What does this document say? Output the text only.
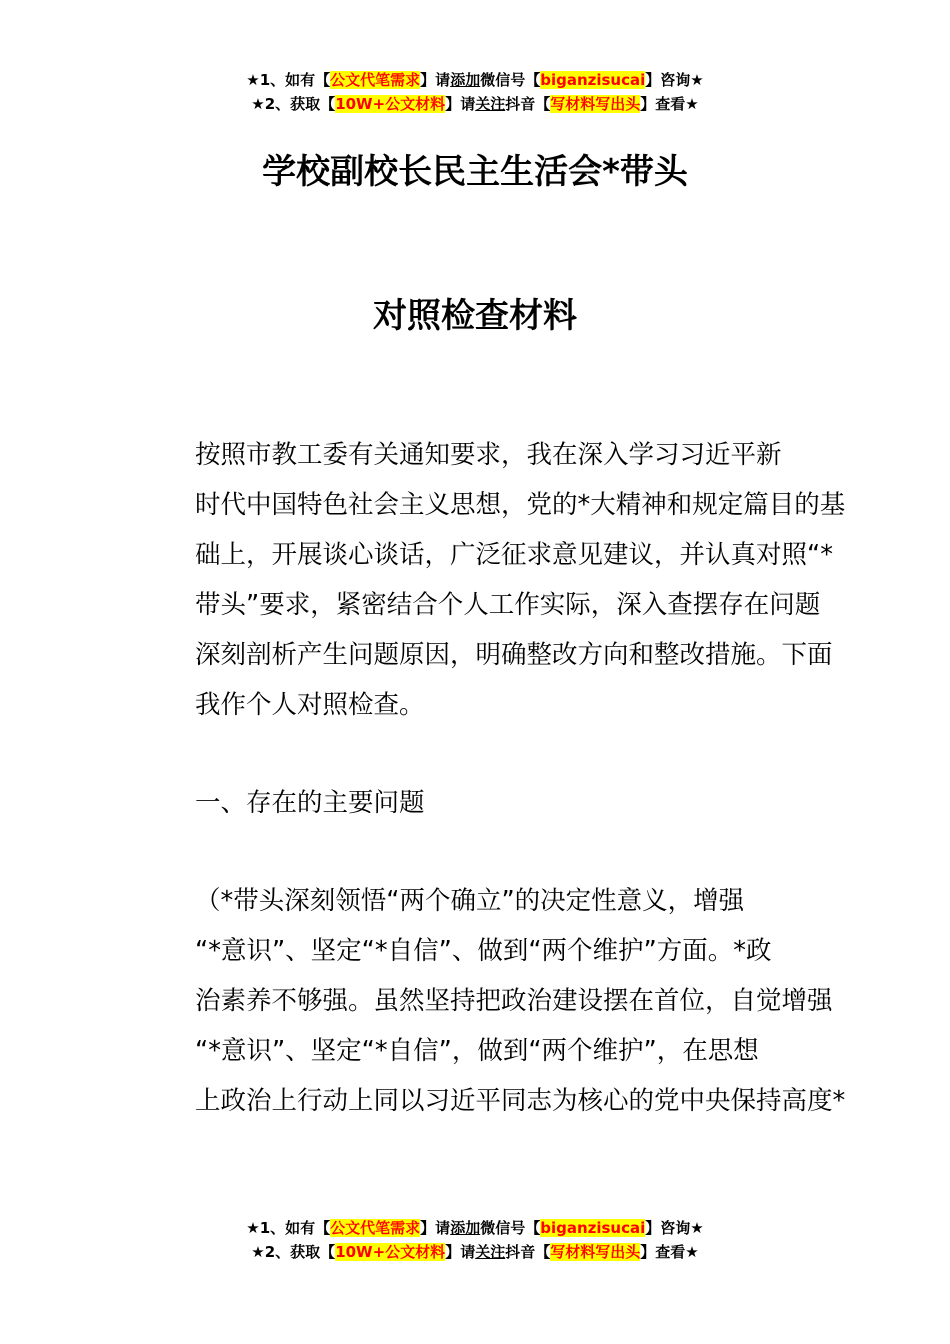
★1、如有【公文代笔需求】请添加微信号【biganzisucai】咨询★
★2、获取【10W+公文材料】请关注抖音【写材料写出头】查看★
学校副校长民主生活会*带头
对照检查材料

按照市教工委有关通知要求，我在深入学习习近平新
时代中国特色社会主义思想，党的*大精神和规定篇目的基
础上，开展谈心谈话，广泛征求意见建议，并认真对照“*
带头”要求，紧密结合个人工作实际，深入查摆存在问题
深刻剖析产生问题原因，明确整改方向和整改措施。下面
我作个人对照检查。

一、存在的主要问题

（*带头深刻领悟“两个确立”的决定性意义，增强
“*意识”、坚定“*自信”、做到“两个维护”方面。*政
治素养不够强。虽然坚持把政治建设摆在首位，自觉增强
“*意识”、坚定“*自信”，做到“两个维护”，在思想
上政治上行动上同以习近平同志为核心的党中央保持高度*

★1、如有【公文代笔需求】请添加微信号【biganzisucai】咨询★
★2、获取【10W+公文材料】请关注抖音【写材料写出头】查看★
